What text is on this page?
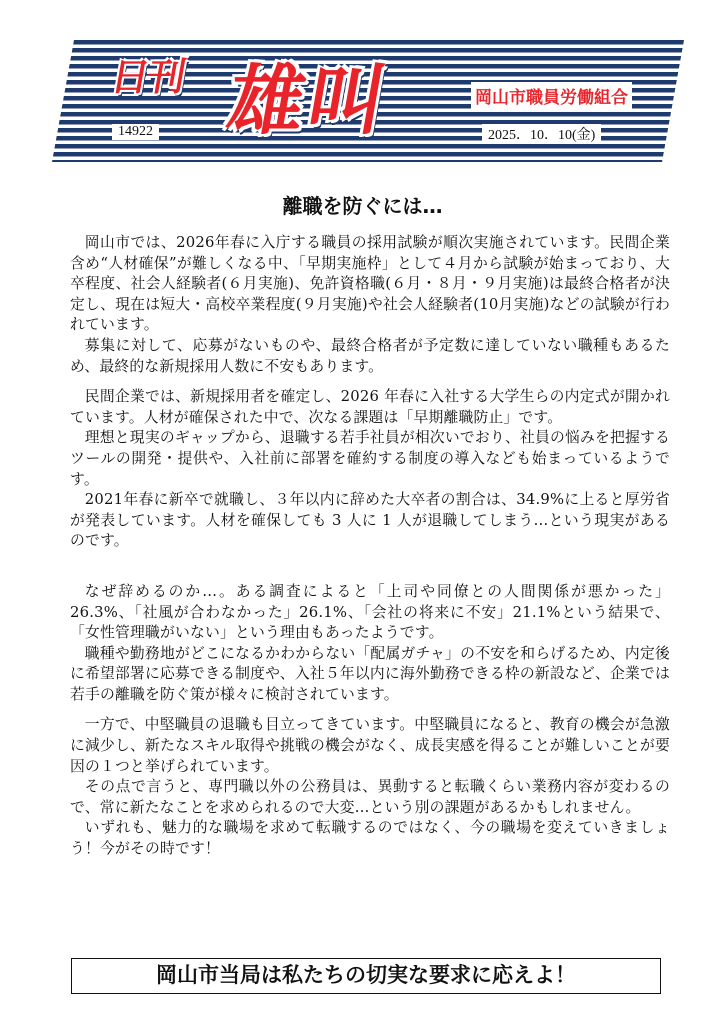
日刊 雄叫	岡山市職員労働組合
14922	2025．10．10(金)
離職を防ぐには…

岡山市では、2026年春に入庁する職員の採用試験が順次実施されています。民間企業含め“人材確保”が難しくなる中、「早期実施枠」として４月から試験が始まっており、大卒程度、社会人経験者(６月実施)、免許資格職(６月・８月・９月実施)は最終合格者が決定し、現在は短大・高校卒業程度(９月実施)や社会人経験者(10月実施)などの試験が行われています。

募集に対して、応募がないものや、最終合格者が予定数に達していない職種もあるため、最終的な新規採用人数に不安もあります。

民間企業では、新規採用者を確定し、2026 年春に入社する大学生らの内定式が開かれています。人材が確保された中で、次なる課題は「早期離職防止」です。

理想と現実のギャップから、退職する若手社員が相次いでおり、社員の悩みを把握するツールの開発・提供や、入社前に部署を確約する制度の導入なども始まっているようです。

2021年春に新卒で就職し、３年以内に辞めた大卒者の割合は、34.9%に上ると厚労省が発表しています。人材を確保しても 3 人に 1 人が退職してしまう…という現実があるのです。

なぜ辞めるのか…。ある調査によると「上司や同僚との人間関係が悪かった」26.3%、「社風が合わなかった」26.1%、「会社の将来に不安」21.1%という結果で、「女性管理職がいない」という理由もあったようです。

職種や勤務地がどこになるかわからない「配属ガチャ」の不安を和らげるため、内定後に希望部署に応募できる制度や、入社５年以内に海外勤務できる枠の新設など、企業では若手の離職を防ぐ策が様々に検討されています。

一方で、中堅職員の退職も目立ってきています。中堅職員になると、教育の機会が急激に減少し、新たなスキル取得や挑戦の機会がなく、成長実感を得ることが難しいことが要因の１つと挙げられています。

その点で言うと、専門職以外の公務員は、異動すると転職くらい業務内容が変わるので、常に新たなことを求められるので大変…という別の課題があるかもしれません。

いずれも、魅力的な職場を求めて転職するのではなく、今の職場を変えていきましょう！今がその時です！

岡山市当局は私たちの切実な要求に応えよ！
